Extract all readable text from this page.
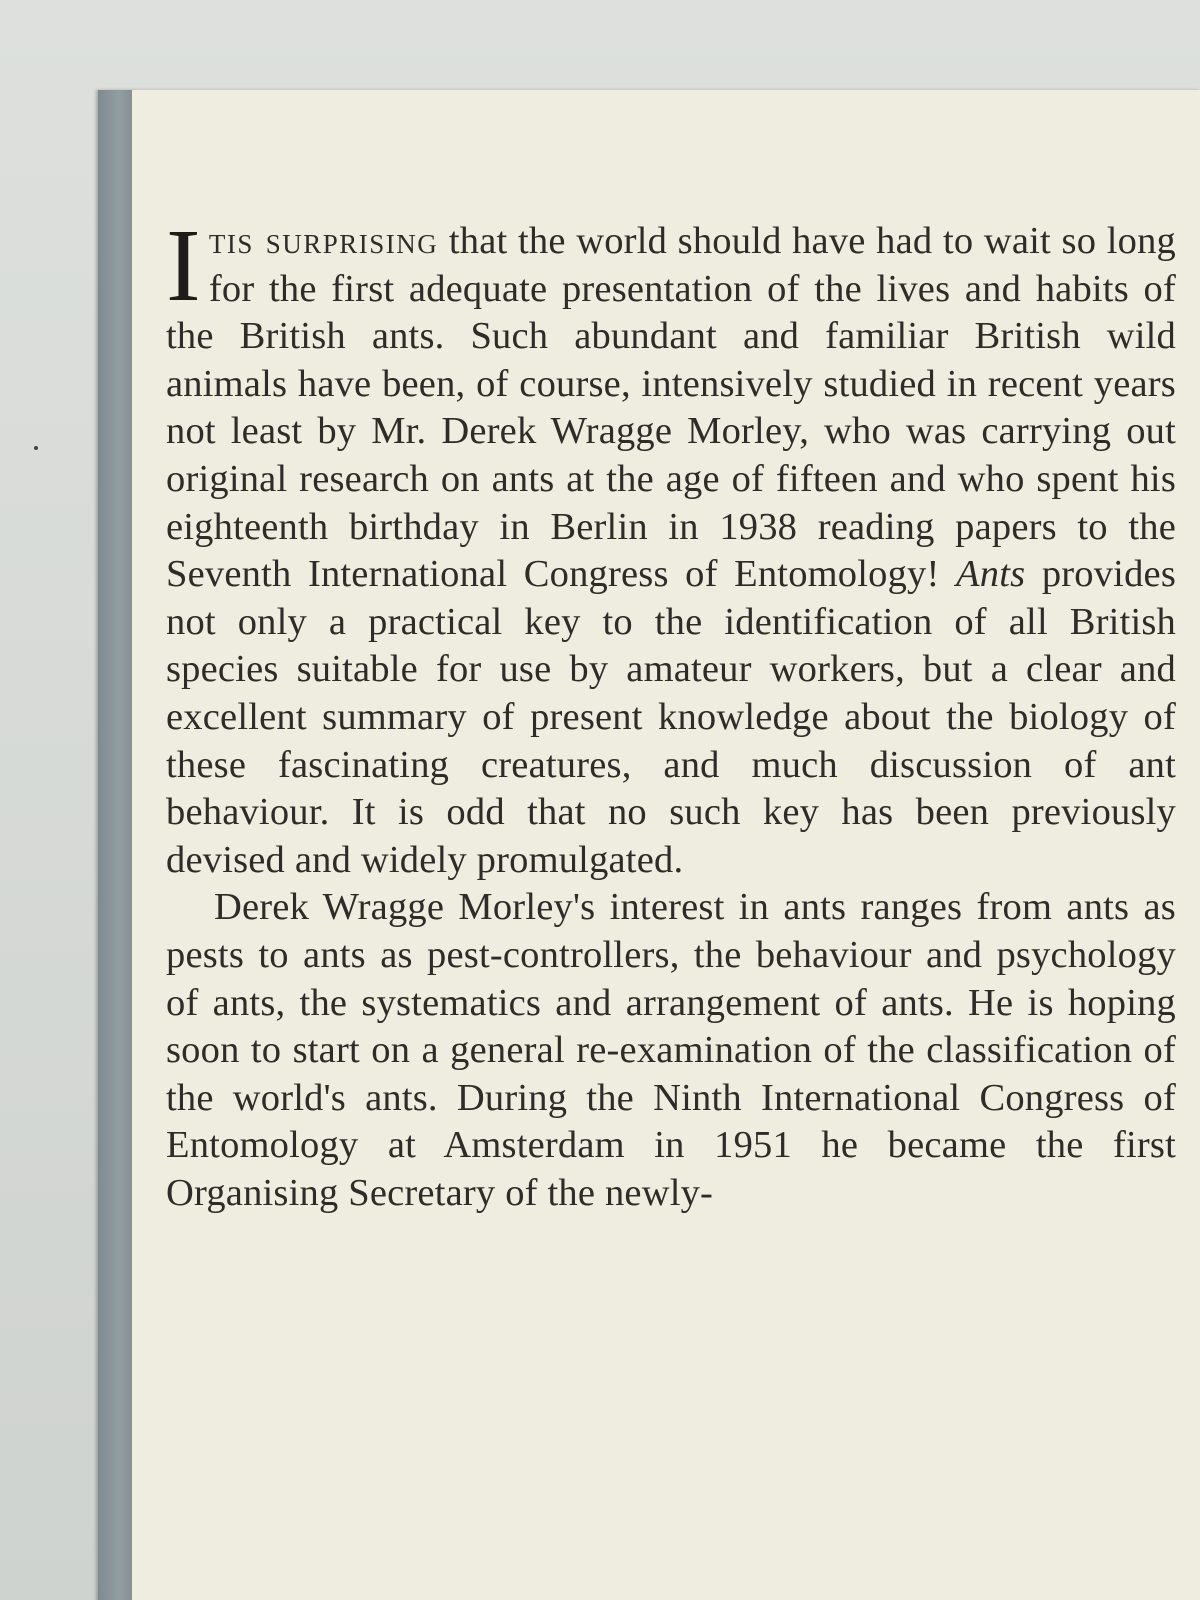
It is surprising that the world should have had to wait so long for the first adequate presentation of the lives and habits of the British ants. Such abundant and familiar British wild animals have been, of course, intensively studied in recent years not least by Mr. Derek Wragge Morley, who was carrying out original research on ants at the age of fifteen and who spent his eighteenth birthday in Berlin in 1938 reading papers to the Seventh International Congress of Entomology! Ants provides not only a practical key to the identification of all British species suitable for use by amateur workers, but a clear and excellent summary of present knowledge about the biology of these fascinating creatures, and much discussion of ant behaviour. It is odd that no such key has been previously devised and widely promulgated.

Derek Wragge Morley's interest in ants ranges from ants as pests to ants as pest-controllers, the behaviour and psychology of ants, the systematics and arrangement of ants. He is hoping soon to start on a general re-examination of the classification of the world's ants. During the Ninth International Congress of Entomology at Amsterdam in 1951 he became the first Organising Secretary of the newly-
